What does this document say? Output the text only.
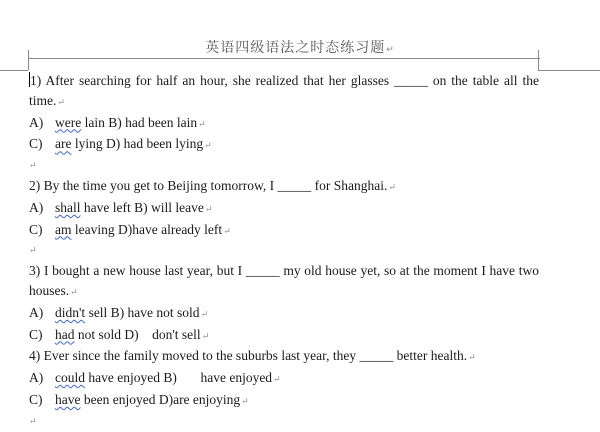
英语四级语法之时态练习题↵

1) After searching for half an hour, she realized that her glasses _____ on the table all the time.↵

A) were lain B) had been lain↵

C) are lying D) had been lying↵

↵

2) By the time you get to Beijing tomorrow, I _____ for Shanghai.↵

A) shall have left B) will leave↵

C) am leaving D)have already left↵

↵

3) I bought a new house last year, but I _____ my old house yet, so at the moment I have two houses.↵

A) didn't sell B) have not sold↵

C) had not sold D)    don't sell↵

4) Ever since the family moved to the suburbs last year, they _____ better health.↵

A) could have enjoyed B)       have enjoyed↵

C) have been enjoyed D)are enjoying↵

↵
